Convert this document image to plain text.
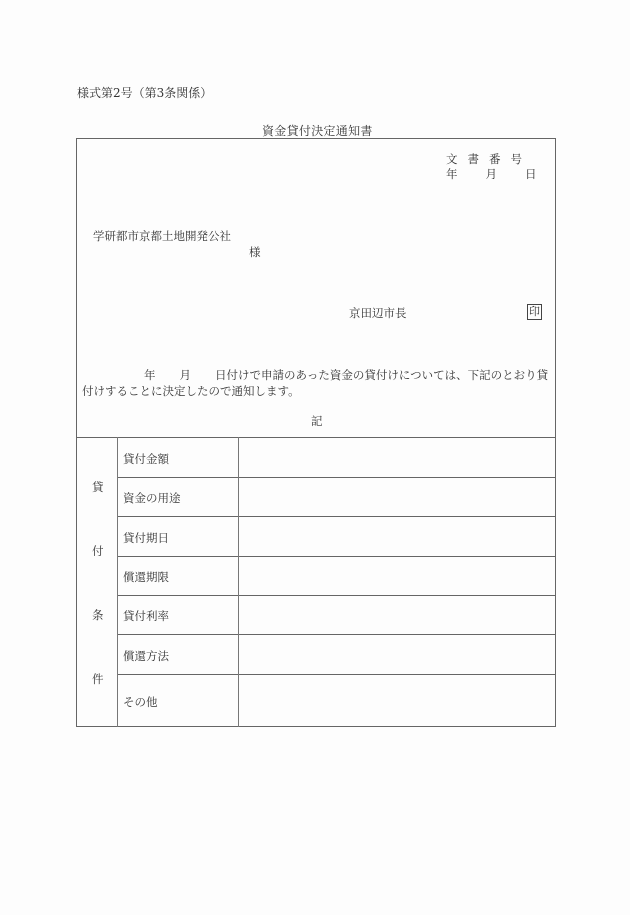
様式第2号（第3条関係）
資金貸付決定通知書
文書番号
年 月 日
学研都市京都土地開発公社
様
京田辺市長	印
年 月 日付けで申請のあった資金の貸付けについては、下記のとおり貸
付けすることに決定したので通知します。
記
貸
付
条
件
貸付金額
資金の用途
貸付期日
償還期限
貸付利率
償還方法
その他
